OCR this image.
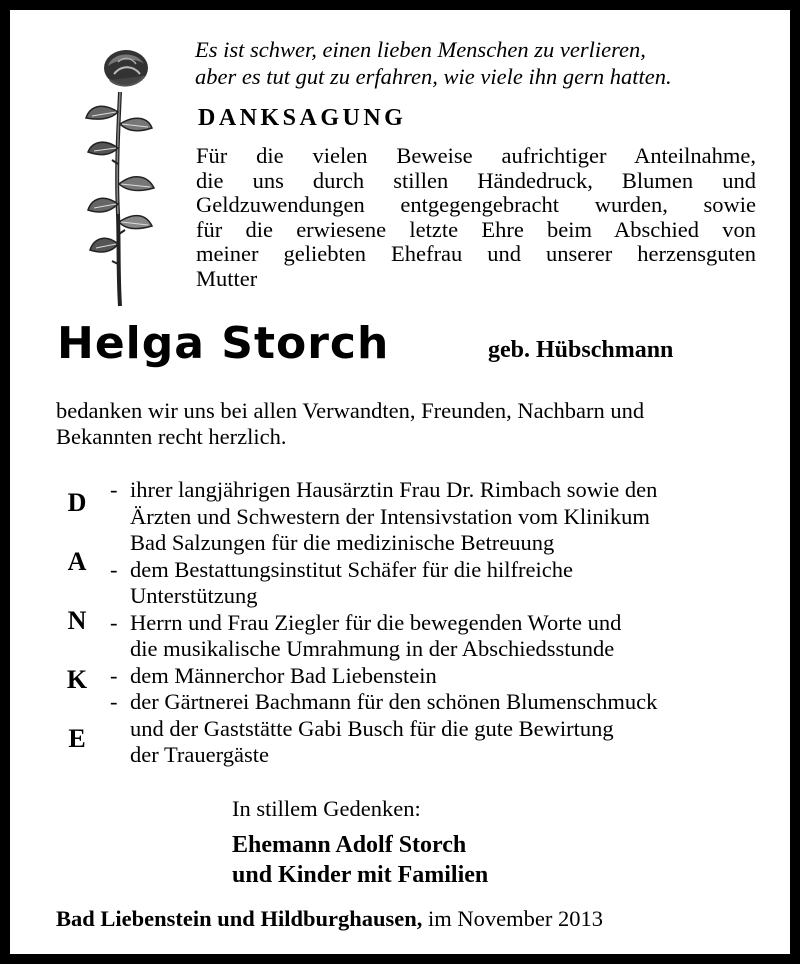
Es ist schwer, einen lieben Menschen zu verlieren,
aber es tut gut zu erfahren, wie viele ihn gern hatten.
DANKSAGUNG
Für die vielen Beweise aufrichtiger Anteilnahme,
die uns durch stillen Händedruck, Blumen und
Geldzuwendungen entgegengebracht wurden, sowie
für die erwiesene letzte Ehre beim Abschied von
meiner geliebten Ehefrau und unserer herzensguten
Mutter
Helga Storch	geb. Hübschmann
bedanken wir uns bei allen Verwandten, Freunden, Nachbarn und
Bekannten recht herzlich.
D
A
N
K
E
- ihrer langjährigen Hausärztin Frau Dr. Rimbach sowie den
Ärzten und Schwestern der Intensivstation vom Klinikum
Bad Salzungen für die medizinische Betreuung
- dem Bestattungsinstitut Schäfer für die hilfreiche
Unterstützung
- Herrn und Frau Ziegler für die bewegenden Worte und
die musikalische Umrahmung in der Abschiedsstunde
- dem Männerchor Bad Liebenstein
- der Gärtnerei Bachmann für den schönen Blumenschmuck
und der Gaststätte Gabi Busch für die gute Bewirtung
der Trauergäste
In stillem Gedenken:
Ehemann Adolf Storch
und Kinder mit Familien
Bad Liebenstein und Hildburghausen, im November 2013
